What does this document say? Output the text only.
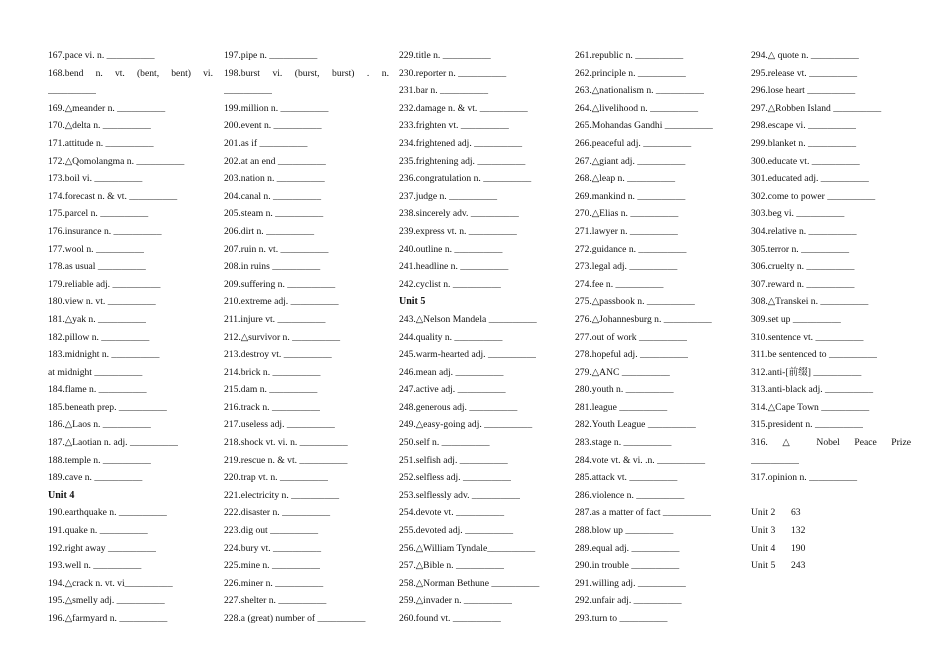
167.pace vi. n. __________
168.bend n. vt. (bent, bent) vi.
__________
169.△meander n. __________
170.△delta n. __________
171.attitude n. __________
172.△Qomolangma n. __________
173.boil vi. __________
174.forecast n. & vt. __________
175.parcel n. __________
176.insurance n. __________
177.wool n. __________
178.as usual __________
179.reliable adj. __________
180.view n. vt. __________
181.△yak n. __________
182.pillow n. __________
183.midnight n. __________
at midnight __________
184.flame n. __________
185.beneath prep. __________
186.△Laos n. __________
187.△Laotian n. adj. __________
188.temple n. __________
189.cave n. __________
Unit 4
190.earthquake n. __________
191.quake n. __________
192.right away __________
193.well n. __________
194.△crack n. vt. vi__________
195.△smelly adj. __________
196.△farmyard n. __________
197.pipe n. __________
198.burst vi. (burst, burst) . n.
__________
199.million n. __________
200.event n. __________
201.as if __________
202.at an end __________
203.nation n. __________
204.canal n. __________
205.steam n. __________
206.dirt n. __________
207.ruin n. vt. __________
208.in ruins __________
209.suffering n. __________
210.extreme adj. __________
211.injure vt. __________
212.△survivor n. __________
213.destroy vt. __________
214.brick n. __________
215.dam n. __________
216.track n. __________
217.useless adj. __________
218.shock vt. vi. n. __________
219.rescue n. & vt. __________
220.trap vt. n. __________
221.electricity n. __________
222.disaster n. __________
223.dig out __________
224.bury vt. __________
225.mine n. __________
226.miner n. __________
227.shelter n. __________
228.a (great) number of __________
229.title n. __________
230.reporter n. __________
231.bar n. __________
232.damage n. & vt. __________
233.frighten vt. __________
234.frightened adj. __________
235.frightening adj. __________
236.congratulation n. __________
237.judge n. __________
238.sincerely adv. __________
239.express vt. n. __________
240.outline n. __________
241.headline n. __________
242.cyclist n. __________
Unit 5
243.△Nelson Mandela __________
244.quality n. __________
245.warm-hearted adj. __________
246.mean adj. __________
247.active adj. __________
248.generous adj. __________
249.△easy-going adj. __________
250.self n. __________
251.selfish adj. __________
252.selfless adj. __________
253.selflessly adv. __________
254.devote vt. __________
255.devoted adj. __________
256.△William Tyndale__________
257.△Bible n. __________
258.△Norman Bethune __________
259.△invader n. __________
260.found vt. __________
261.republic n. __________
262.principle n. __________
263.△nationalism n. __________
264.△livelihood n. __________
265.Mohandas Gandhi __________
266.peaceful adj. __________
267.△giant adj. __________
268.△leap n. __________
269.mankind n. __________
270.△Elias n. __________
271.lawyer n. __________
272.guidance n. __________
273.legal adj. __________
274.fee n. __________
275.△passbook n. __________
276.△Johannesburg n. __________
277.out of work __________
278.hopeful adj. __________
279.△ANC __________
280.youth n. __________
281.league __________
282.Youth League __________
283.stage n. __________
284.vote vt. & vi. .n. __________
285.attack vt. __________
286.violence n. __________
287.as a matter of fact __________
288.blow up __________
289.equal adj. __________
290.in trouble __________
291.willing adj. __________
292.unfair adj. __________
293.turn to __________
294.△ quote n. __________
295.release vt. __________
296.lose heart __________
297.△Robben Island __________
298.escape vi. __________
299.blanket n. __________
300.educate vt. __________
301.educated adj. __________
302.come to power __________
303.beg vi. __________
304.relative n. __________
305.terror n. __________
306.cruelty n. __________
307.reward n. __________
308.△Transkei n. __________
309.set up __________
310.sentence vt. __________
311.be sentenced to __________
312.anti-[前缀] __________
313.anti-black adj. __________
314.△Cape Town __________
315.president n. __________
316. △ Nobel Peace Prize
__________
317.opinion n. __________
Unit 2	63
Unit 3	132
Unit 4	190
Unit 5	243
